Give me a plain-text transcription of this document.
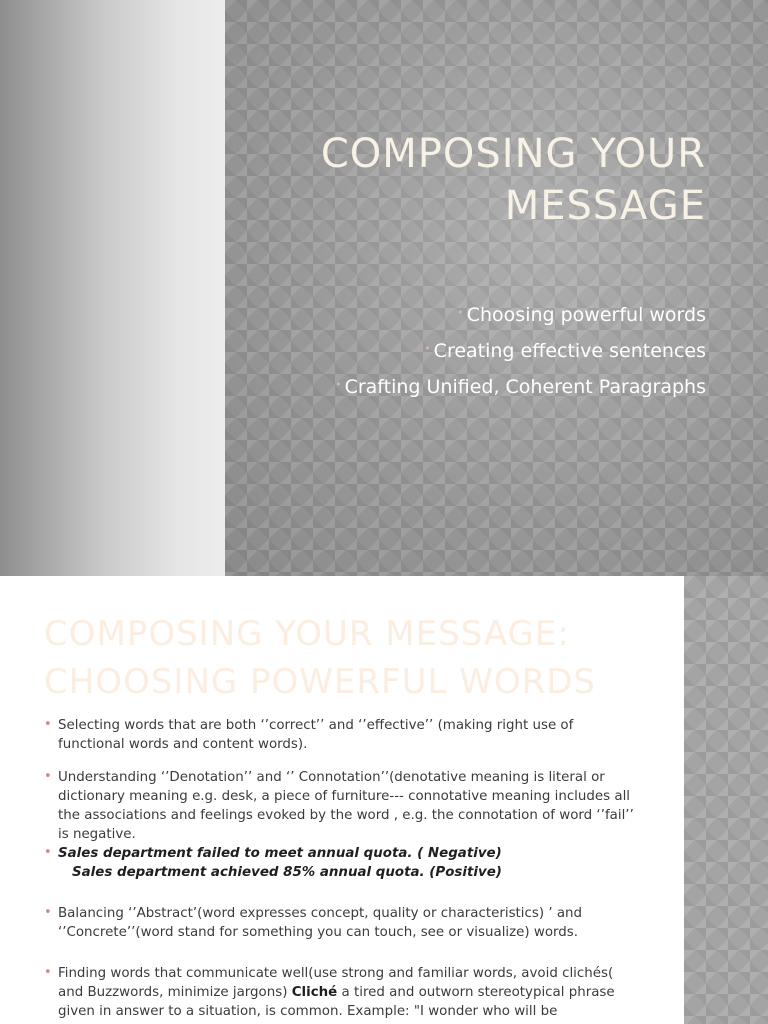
COMPOSING YOUR MESSAGE
• Choosing powerful words
• Creating effective sentences
• Crafting Unified, Coherent Paragraphs
COMPOSING YOUR MESSAGE: CHOOSING POWERFUL WORDS
• Selecting words that are both ‘’correct’’ and ‘’effective’’ (making right use of functional words and content words).
• Understanding ‘’Denotation’’ and ‘’ Connotation’’(denotative meaning is literal or dictionary meaning e.g. desk, a piece of furniture--- connotative meaning includes all the associations and feelings evoked by the word , e.g. the connotation of word ‘’fail’’ is negative.
• Sales department failed to meet annual quota. ( Negative)
Sales department achieved 85% annual quota. (Positive)
• Balancing ‘’Abstract’(word expresses concept, quality or characteristics) ’ and ‘’Concrete’’(word stand for something you can touch, see or visualize) words.
• Finding words that communicate well(use strong and familiar words, avoid clichés( and Buzzwords, minimize jargons) Cliché a tired and outworn stereotypical phrase given in answer to a situation, is common. Example: "I wonder who will be
